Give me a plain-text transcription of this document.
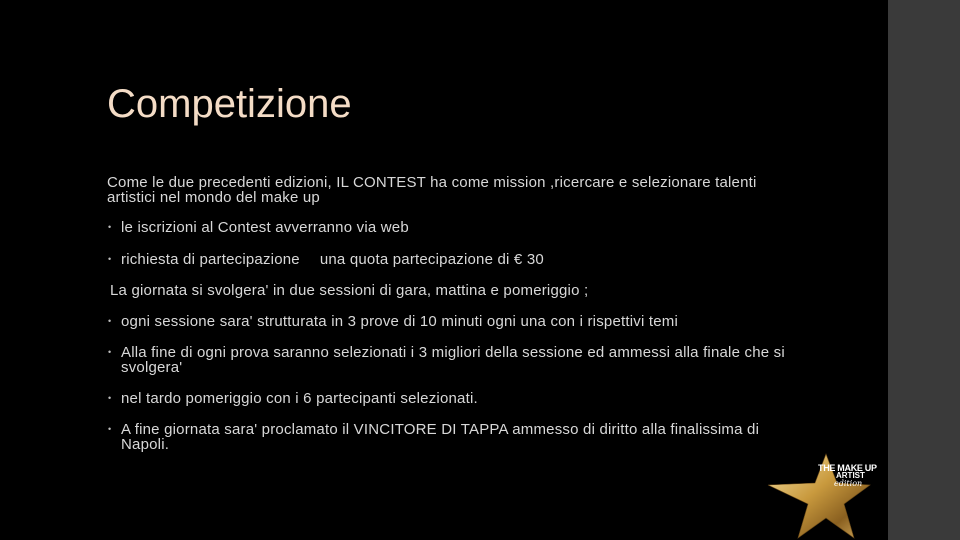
Competizione

Come le due precedenti edizioni, IL CONTEST ha come mission ,ricercare e selezionare talenti artistici nel mondo del make up

• le iscrizioni al Contest avverranno via web

• richiesta di partecipazione una quota partecipazione di € 30

La giornata si svolgera' in due sessioni di gara, mattina e pomeriggio ;

• ogni sessione sara' strutturata in 3 prove di 10 minuti ogni una con i rispettivi temi

• Alla fine di ogni prova saranno selezionati i 3 migliori della sessione ed ammessi alla finale che si svolgera'

• nel tardo pomeriggio con i 6 partecipanti selezionati.

• A fine giornata sara' proclamato il VINCITORE DI TAPPA ammesso di diritto alla finalissima di Napoli.

THE MAKE UP
ARTIST
edition
